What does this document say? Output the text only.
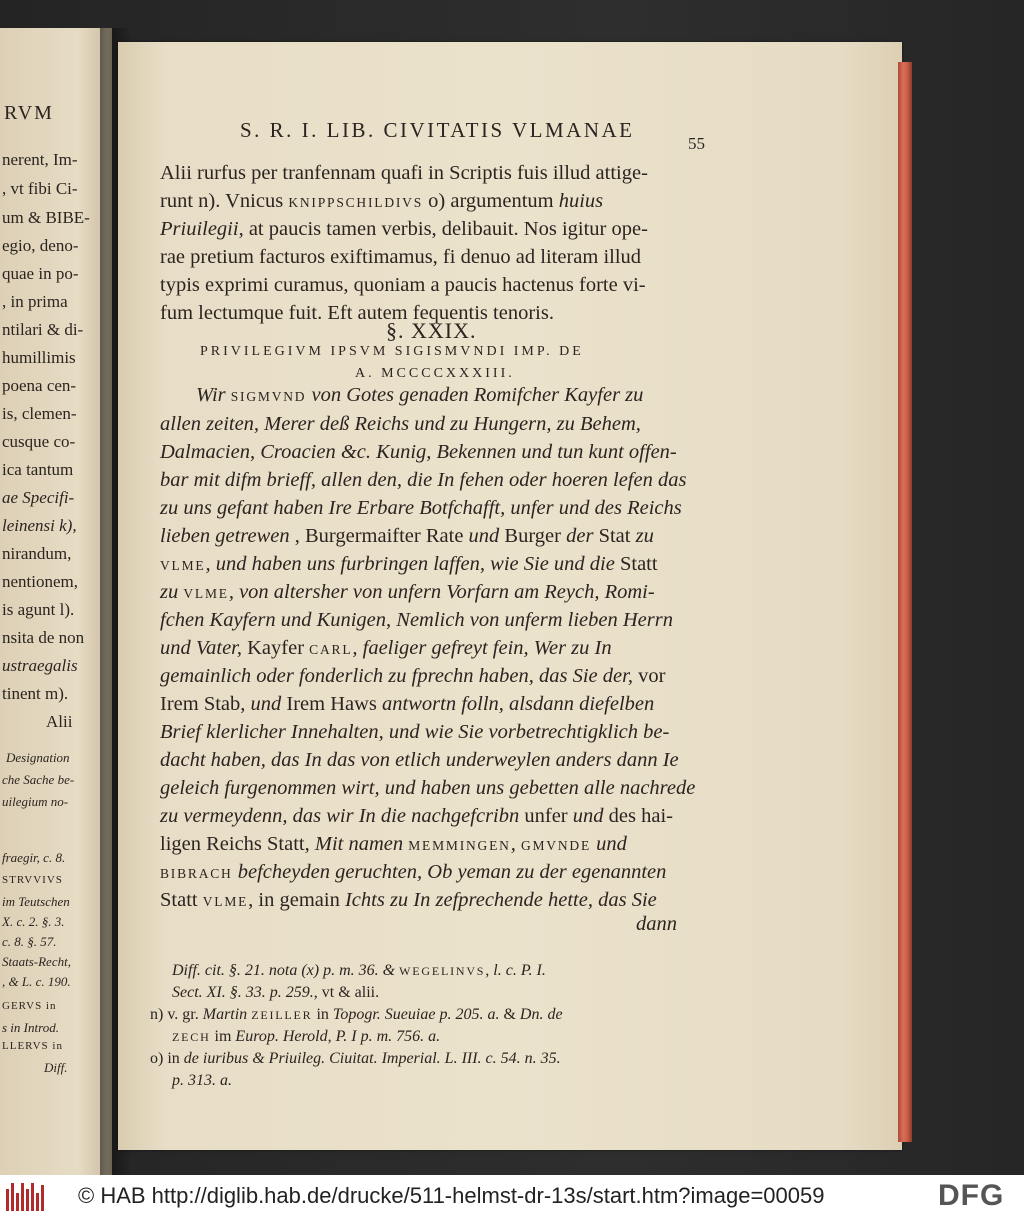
RVM
nerent, Im-
, vt fibi Ci-
um & BIBE-
egio, deno-
quae in po-
, in prima
ntilari & di-
humillimis
poena cen-
is, clemen-
cusque co-
ica tantum
ae Specifi-
leinensi k),
nirandum,
nentionem,
is agunt l).
nsita de non
ustraegalis
tinent m).
Alii
Designation
che Sache be-
uilegium no-
fraegir, c. 8.
STRVVIVS
im Teutschen
X. c. 2. §. 3.
c. 8. §. 57.
Staats-Recht,
, & L. c. 190.
GERVS in
s in Introd.
LLERVS in
Diff.
S. R. I. LIB. CIVITATIS VLMANAE
55
Alii rurfus per tranfennam quafi in Scriptis fuis illud attige-
runt n). Vnicus KNIPPSCHILDIVS o) argumentum huius
Priuilegii, at paucis tamen verbis, delibauit. Nos igitur ope-
rae pretium facturos exiftimamus, fi denuo ad literam illud
typis exprimi curamus, quoniam a paucis hactenus forte vi-
fum lectumque fuit. Eft autem fequentis tenoris.
§. XXIX.
PRIVILEGIVM IPSVM SIGISMVNDI IMP. DE
A. MCCCCXXXIII.
Wir SIGMVND von Gotes genaden Romifcher Kayfer zu
allen zeiten, Merer deß Reichs und zu Hungern, zu Behem,
Dalmacien, Croacien &c. Kunig, Bekennen und tun kunt offen-
bar mit difm brieff, allen den, die In fehen oder hoeren lefen das
zu uns gefant haben Ire Erbare Botfchafft, unfer und des Reichs
lieben getrewen , Burgermaifter Rate und Burger der Stat zu
VLME, und haben uns furbringen laffen, wie Sie und die Statt
zu VLME, von altersher von unfern Vorfarn am Reych, Romi-
fchen Kayfern und Kunigen, Nemlich von unferm lieben Herrn
und Vater, Kayfer CARL, faeliger gefreyt fein, Wer zu In
gemainlich oder fonderlich zu fprechn haben, das Sie der, vor
Irem Stab, und Irem Haws antwortn folln, alsdann diefelben
Brief klerlicher Innehalten, und wie Sie vorbetrechtigklich be-
dacht haben, das In das von etlich underweylen anders dann Ie
geleich furgenommen wirt, und haben uns gebetten alle nachrede
zu vermeydenn, das wir In die nachgefcribn unfer und des hai-
ligen Reichs Statt, Mit namen MEMMINGEN, GMVNDE und
BIBRACH befcheyden geruchten, Ob yeman zu der egenannten
Statt VLME, in gemain Ichts zu In zefprechende hette, das Sie
dann
Diff. cit. §. 21. nota (x) p. m. 36. & WEGELINVS, l. c. P. I.
Sect. XI. §. 33. p. 259., vt & alii.
n) v. gr. Martin ZEILLER in Topogr. Sueuiae p. 205. a. & Dn. de
ZECH im Europ. Herold, P. I p. m. 756. a.
o) in de iuribus & Priuileg. Ciuitat. Imperial. L. III. c. 54. n. 35.
p. 313. a.
© HAB http://diglib.hab.de/drucke/511-helmst-dr-13s/start.htm?image=00059	DFG
